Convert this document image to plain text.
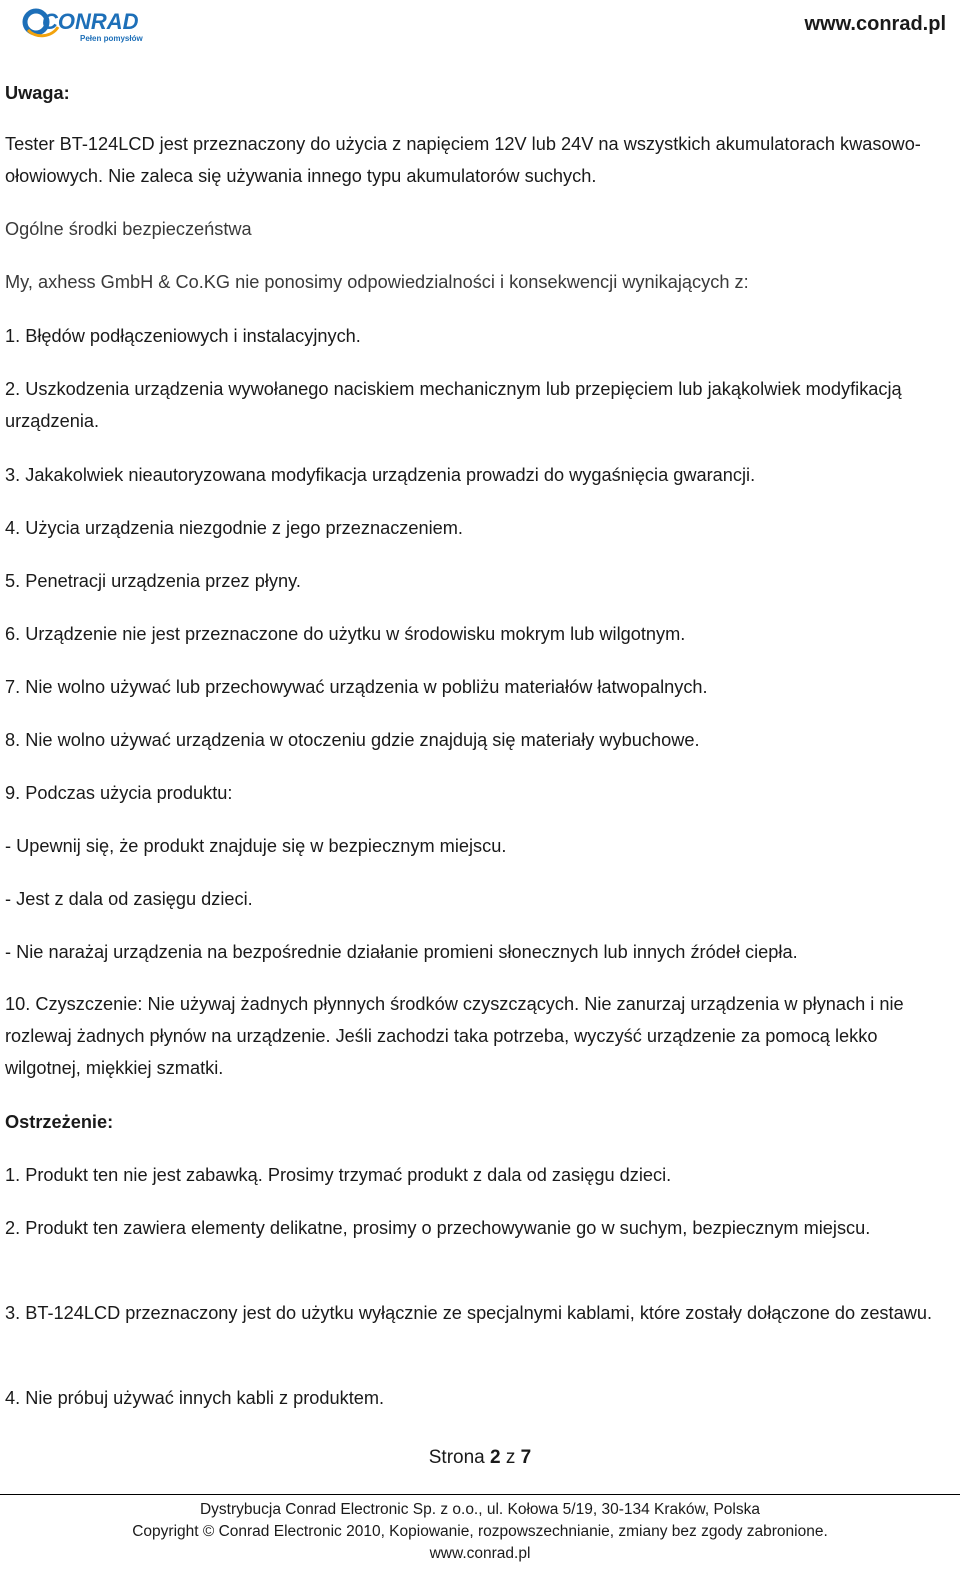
CONRAD
Pełen pomysłów
www.conrad.pl

Uwaga:

Tester BT-124LCD jest przeznaczony do użycia z napięciem 12V lub 24V na wszystkich akumulatorach kwasowo-ołowiowych. Nie zaleca się używania innego typu akumulatorów suchych.

Ogólne środki bezpieczeństwa

My, axhess GmbH & Co.KG nie ponosimy odpowiedzialności i konsekwencji wynikających z:

1. Błędów podłączeniowych i instalacyjnych.

2. Uszkodzenia urządzenia wywołanego naciskiem mechanicznym lub przepięciem lub jakąkolwiek modyfikacją urządzenia.

3. Jakakolwiek nieautoryzowana modyfikacja urządzenia prowadzi do wygaśnięcia gwarancji.

4. Użycia urządzenia niezgodnie z jego przeznaczeniem.

5. Penetracji urządzenia przez płyny.

6. Urządzenie nie jest przeznaczone do użytku w środowisku mokrym lub wilgotnym.

7. Nie wolno używać lub przechowywać urządzenia w pobliżu materiałów łatwopalnych.

8. Nie wolno używać urządzenia w otoczeniu gdzie znajdują się materiały wybuchowe.

9. Podczas użycia produktu:

- Upewnij się, że produkt znajduje się w bezpiecznym miejscu.

- Jest z dala od zasięgu dzieci.

- Nie narażaj urządzenia na bezpośrednie działanie promieni słonecznych lub innych źródeł ciepła.

10. Czyszczenie: Nie używaj żadnych płynnych środków czyszczących. Nie zanurzaj urządzenia w płynach i nie rozlewaj żadnych płynów na urządzenie. Jeśli zachodzi taka potrzeba, wyczyść urządzenie za pomocą lekko wilgotnej, miękkiej szmatki.

Ostrzeżenie:

1. Produkt ten nie jest zabawką. Prosimy trzymać produkt z dala od zasięgu dzieci.

2. Produkt ten zawiera elementy delikatne, prosimy o przechowywanie go w suchym, bezpiecznym miejscu.

3. BT-124LCD przeznaczony jest do użytku wyłącznie ze specjalnymi kablami, które zostały dołączone do zestawu.

4. Nie próbuj używać innych kabli z produktem.

Strona 2 z 7
Dystrybucja Conrad Electronic Sp. z o.o., ul. Kołowa 5/19, 30-134 Kraków, Polska
Copyright © Conrad Electronic 2010, Kopiowanie, rozpowszechnianie, zmiany bez zgody zabronione.
www.conrad.pl
